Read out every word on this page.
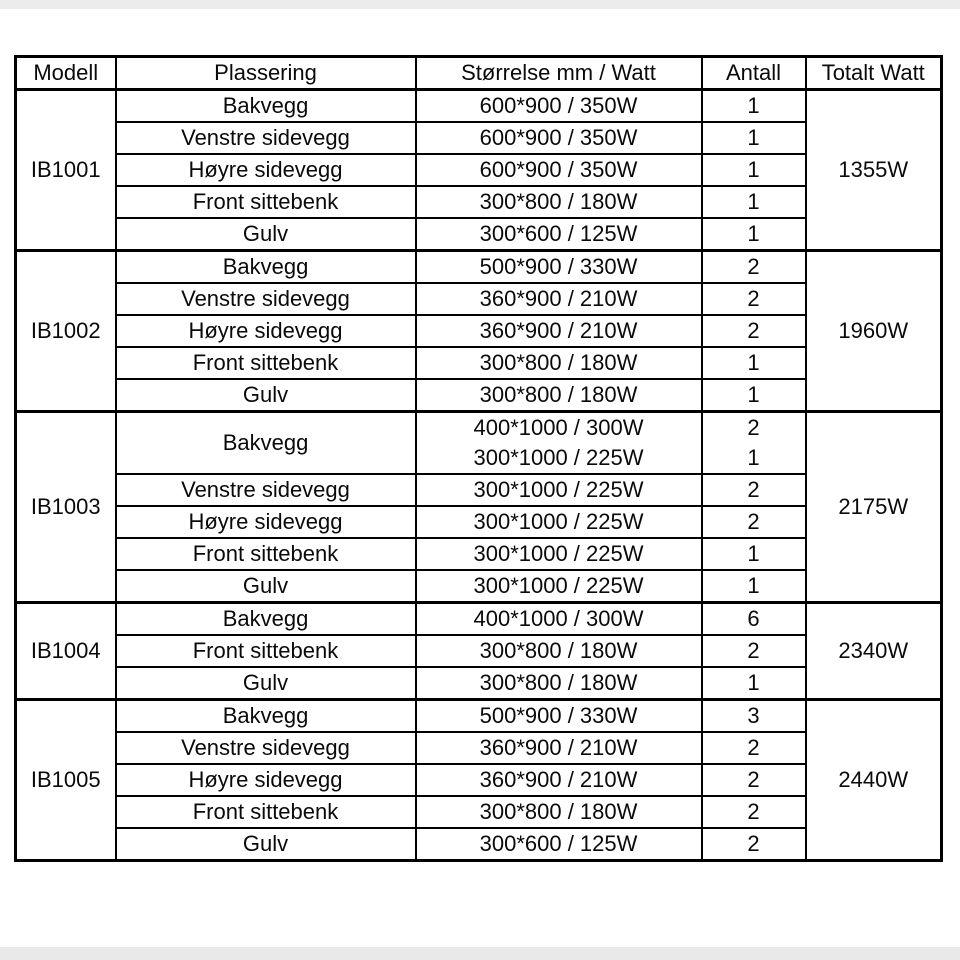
Modell	Plassering	Størrelse mm / Watt	Antall	Totalt Watt
IB1001	Bakvegg	600*900 / 350W	1	1355W
	Venstre sidevegg	600*900 / 350W	1	
	Høyre sidevegg	600*900 / 350W	1	
	Front sittebenk	300*800 / 180W	1	
	Gulv	300*600 / 125W	1	
IB1002	Bakvegg	500*900 / 330W	2	1960W
	Venstre sidevegg	360*900 / 210W	2	
	Høyre sidevegg	360*900 / 210W	2	
	Front sittebenk	300*800 / 180W	1	
	Gulv	300*800 / 180W	1	
IB1003	Bakvegg	400*1000 / 300W	2	2175W
		300*1000 / 225W	1	
	Venstre sidevegg	300*1000 / 225W	2	
	Høyre sidevegg	300*1000 / 225W	2	
	Front sittebenk	300*1000 / 225W	1	
	Gulv	300*1000 / 225W	1	
IB1004	Bakvegg	400*1000 / 300W	6	2340W
	Front sittebenk	300*800 / 180W	2	
	Gulv	300*800 / 180W	1	
IB1005	Bakvegg	500*900 / 330W	3	2440W
	Venstre sidevegg	360*900 / 210W	2	
	Høyre sidevegg	360*900 / 210W	2	
	Front sittebenk	300*800 / 180W	2	
	Gulv	300*600 / 125W	2	
